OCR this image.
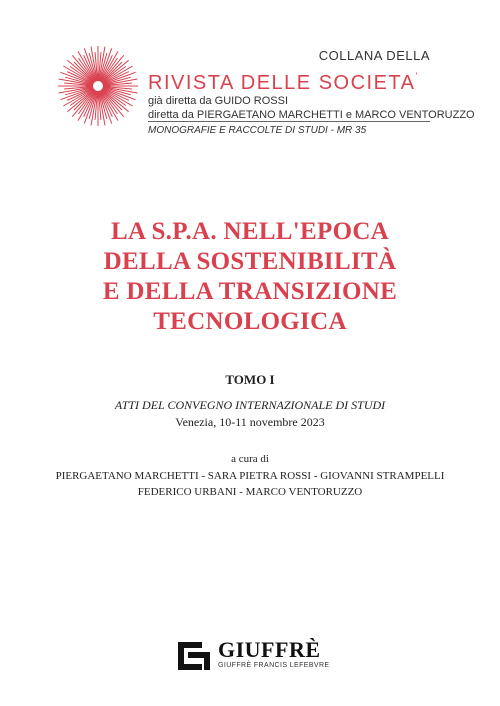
COLLANA DELLA
RIVISTA DELLE SOCIETA'
già diretta da GUIDO ROSSI
diretta da PIERGAETANO MARCHETTI e MARCO VENTORUZZO
MONOGRAFIE E RACCOLTE DI STUDI - MR 35
LA S.P.A. NELL'EPOCA
DELLA SOSTENIBILITÀ
E DELLA TRANSIZIONE
TECNOLOGICA
TOMO I
ATTI DEL CONVEGNO INTERNAZIONALE DI STUDI
Venezia, 10-11 novembre 2023
a cura di
PIERGAETANO MARCHETTI - SARA PIETRA ROSSI - GIOVANNI STRAMPELLI
FEDERICO URBANI - MARCO VENTORUZZO
GIUFFRÈ
GIUFFRÈ FRANCIS LEFEBVRE
